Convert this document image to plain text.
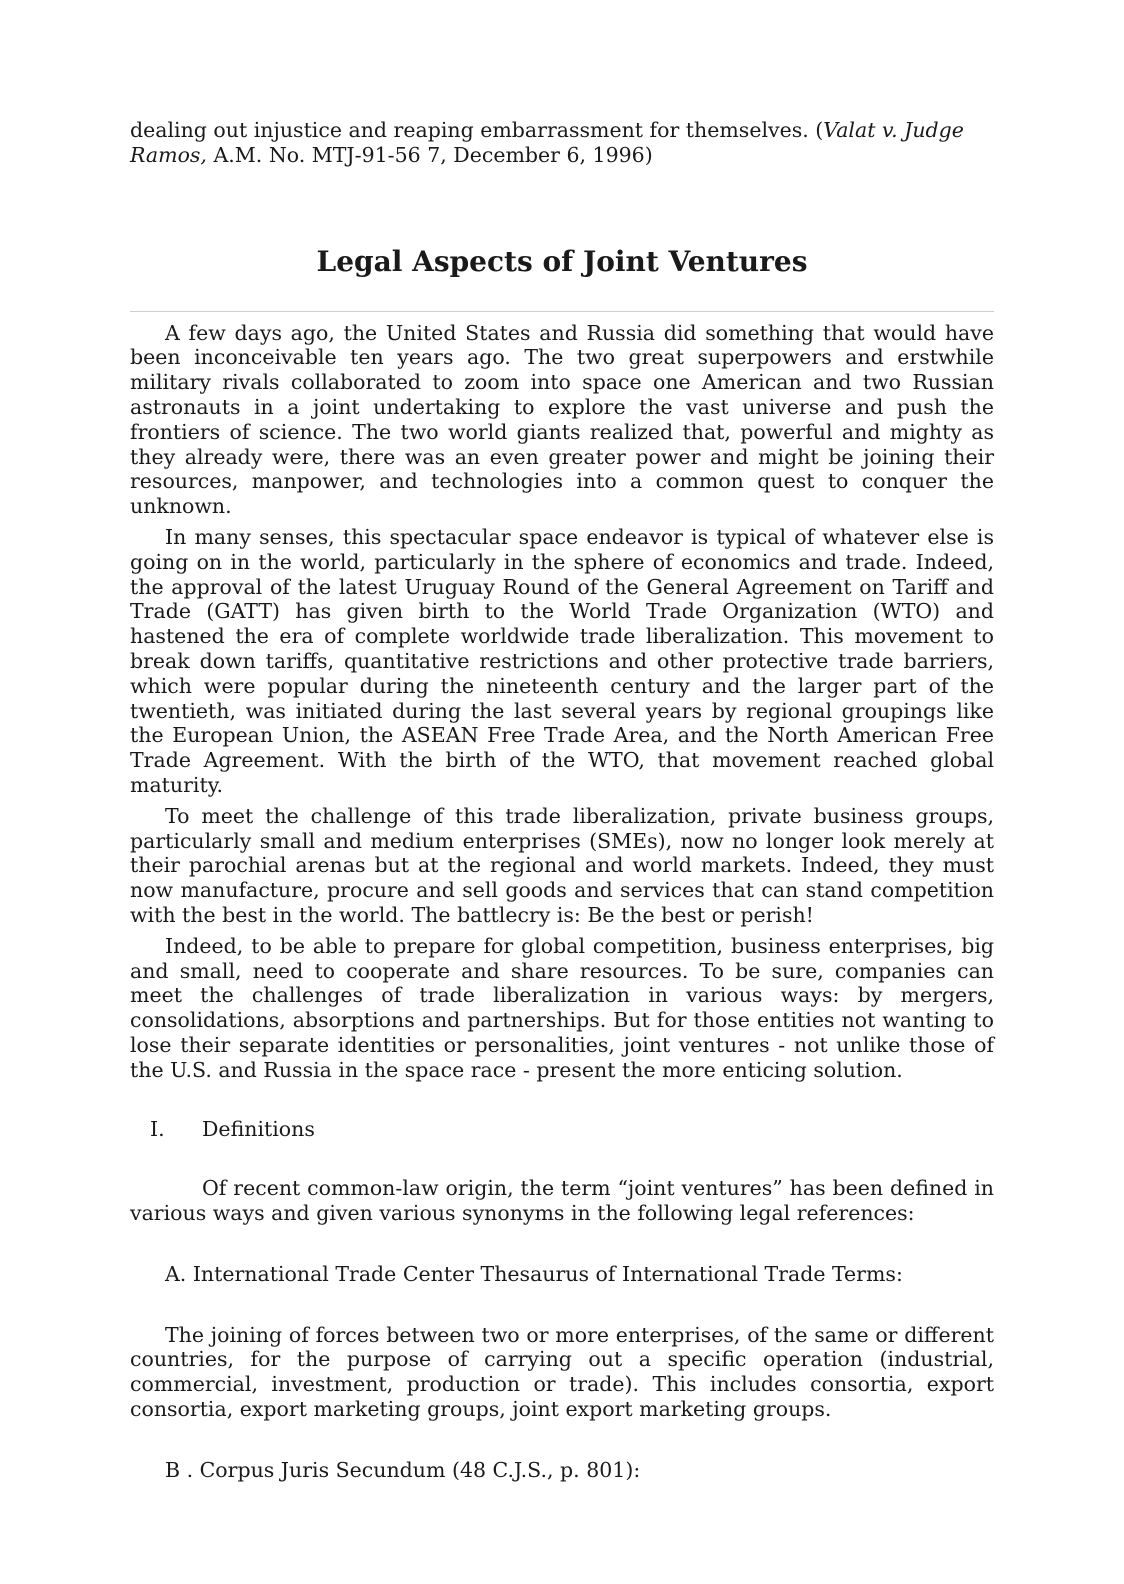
dealing out injustice and reaping embarrassment for themselves. (Valat v. Judge Ramos, A.M. No. MTJ-91-56 7, December 6, 1996)

Legal Aspects of Joint Ventures

A few days ago, the United States and Russia did something that would have been inconceivable ten years ago. The two great superpowers and erstwhile military rivals collaborated to zoom into space one American and two Russian astronauts in a joint undertaking to explore the vast universe and push the frontiers of science. The two world giants realized that, powerful and mighty as they already were, there was an even greater power and might be joining their resources, manpower, and technologies into a common quest to conquer the unknown.

In many senses, this spectacular space endeavor is typical of whatever else is going on in the world, particularly in the sphere of economics and trade. Indeed, the approval of the latest Uruguay Round of the General Agreement on Tariff and Trade (GATT) has given birth to the World Trade Organization (WTO) and hastened the era of complete worldwide trade liberalization. This movement to break down tariffs, quantitative restrictions and other protective trade barriers, which were popular during the nineteenth century and the larger part of the twentieth, was initiated during the last several years by regional groupings like the European Union, the ASEAN Free Trade Area, and the North American Free Trade Agreement. With the birth of the WTO, that movement reached global maturity.

To meet the challenge of this trade liberalization, private business groups, particularly small and medium enterprises (SMEs), now no longer look merely at their parochial arenas but at the regional and world markets. Indeed, they must now manufacture, procure and sell goods and services that can stand competition with the best in the world. The battlecry is: Be the best or perish!

Indeed, to be able to prepare for global competition, business enterprises, big and small, need to cooperate and share resources. To be sure, companies can meet the challenges of trade liberalization in various ways: by mergers, consolidations, absorptions and partnerships. But for those entities not wanting to lose their separate identities or personalities, joint ventures - not unlike those of the U.S. and Russia in the space race - present the more enticing solution.

I.	Definitions

Of recent common-law origin, the term “joint ventures” has been defined in various ways and given various synonyms in the following legal references:

A. International Trade Center Thesaurus of International Trade Terms:

The joining of forces between two or more enterprises, of the same or different countries, for the purpose of carrying out a specific operation (industrial, commercial, investment, production or trade). This includes consortia, export consortia, export marketing groups, joint export marketing groups.

B . Corpus Juris Secundum (48 C.J.S., p. 801):
